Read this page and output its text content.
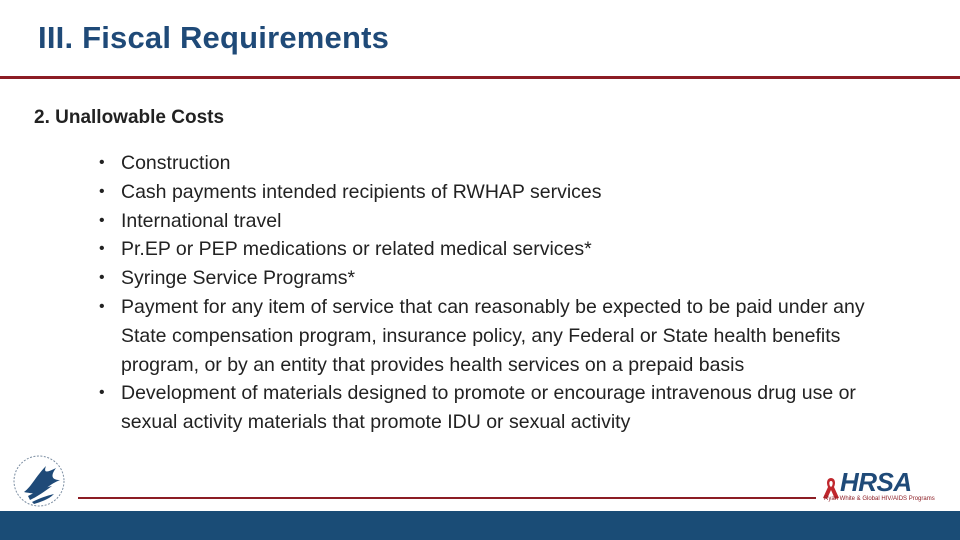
III. Fiscal Requirements
2. Unallowable Costs
• Construction
• Cash payments intended recipients of RWHAP services
• International travel
• Pr.EP or PEP medications or related medical services*
• Syringe Service Programs*
• Payment for any item of service that can reasonably be expected to be paid under any State compensation program, insurance policy, any Federal or State health benefits program, or by an entity that provides health services on a prepaid basis
• Development of materials designed to promote or encourage intravenous drug use or sexual activity materials that promote IDU or sexual activity
HRSA
Ryan White & Global HIV/AIDS Programs
